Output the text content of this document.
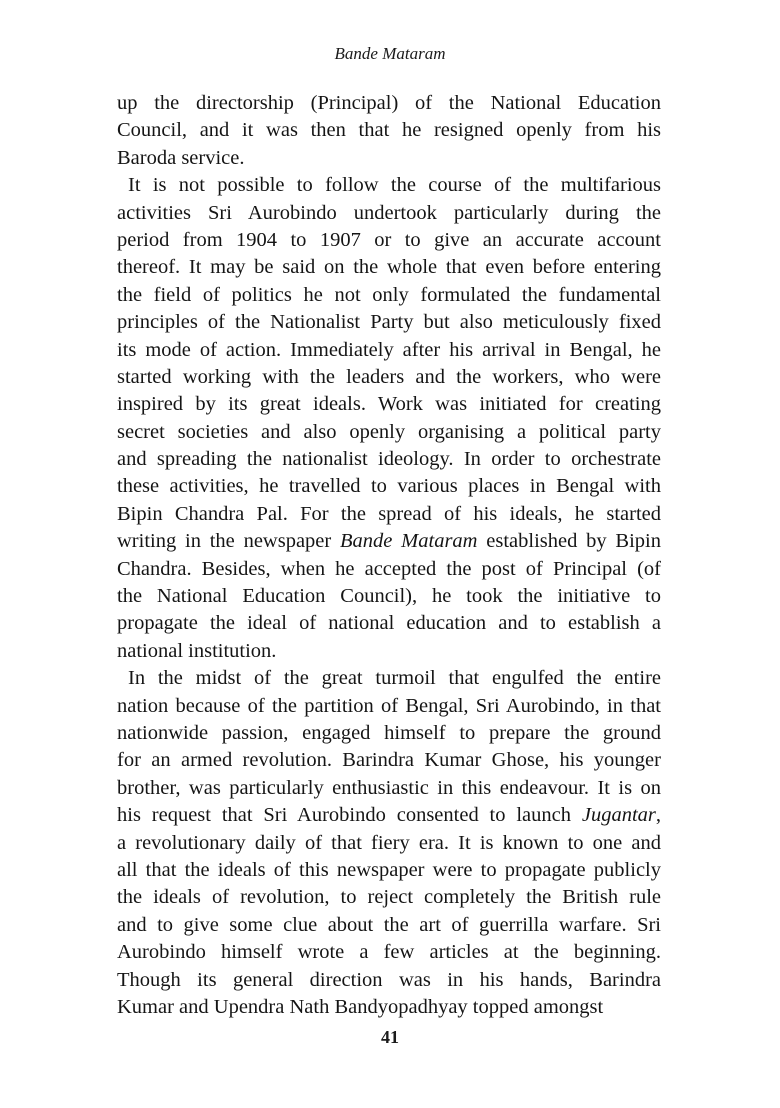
Bande Mataram
up the directorship (Principal) of the National Education
Council, and it was then that he resigned openly from his
Baroda service.
It is not possible to follow the course of the multifarious
activities Sri Aurobindo undertook particularly during the
period from 1904 to 1907 or to give an accurate account
thereof. It may be said on the whole that even before entering
the field of politics he not only formulated the fundamental
principles of the Nationalist Party but also meticulously fixed
its mode of action. Immediately after his arrival in Bengal, he
started working with the leaders and the workers, who were
inspired by its great ideals. Work was initiated for creating
secret societies and also openly organising a political party
and spreading the nationalist ideology. In order to orchestrate
these activities, he travelled to various places in Bengal with
Bipin Chandra Pal. For the spread of his ideals, he started
writing in the newspaper Bande Mataram established by Bipin
Chandra. Besides, when he accepted the post of Principal (of
the National Education Council), he took the initiative to
propagate the ideal of national education and to establish a
national institution.
In the midst of the great turmoil that engulfed the entire
nation because of the partition of Bengal, Sri Aurobindo, in that
nationwide passion, engaged himself to prepare the ground
for an armed revolution. Barindra Kumar Ghose, his younger
brother, was particularly enthusiastic in this endeavour. It is on
his request that Sri Aurobindo consented to launch Jugantar,
a revolutionary daily of that fiery era. It is known to one and
all that the ideals of this newspaper were to propagate publicly
the ideals of revolution, to reject completely the British rule
and to give some clue about the art of guerrilla warfare. Sri
Aurobindo himself wrote a few articles at the beginning.
Though its general direction was in his hands, Barindra
Kumar and Upendra Nath Bandyopadhyay topped amongst
41
